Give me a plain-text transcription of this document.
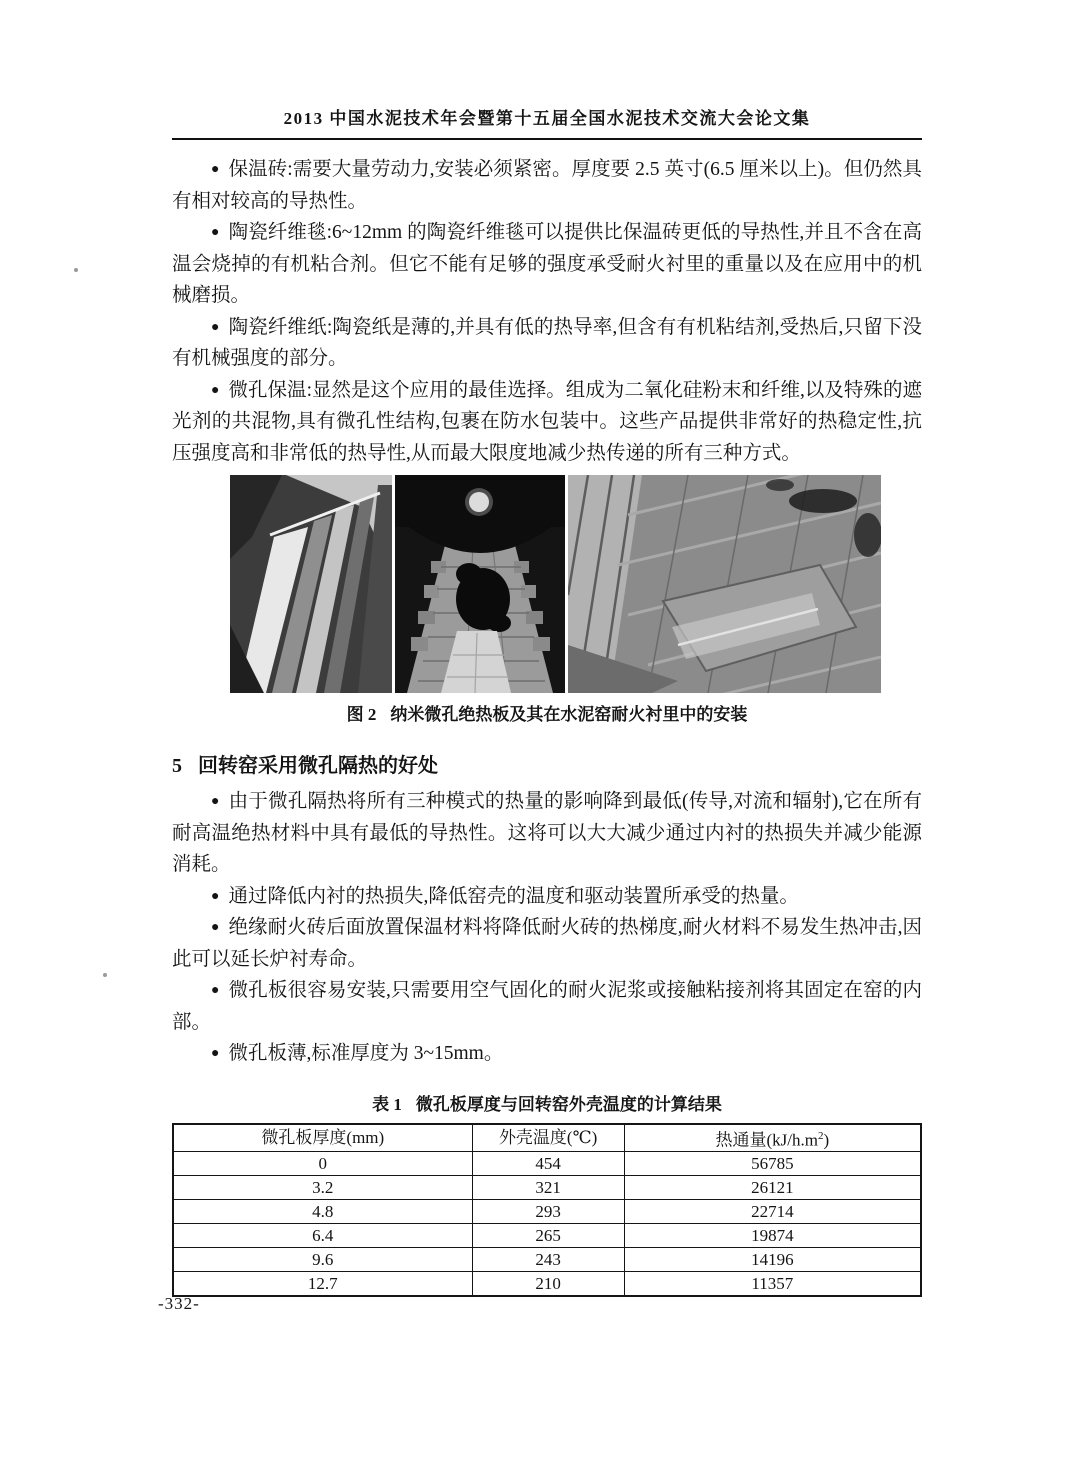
2013 中国水泥技术年会暨第十五届全国水泥技术交流大会论文集

● 保温砖:需要大量劳动力,安装必须紧密。厚度要 2.5 英寸(6.5 厘米以上)。但仍然具有相对较高的导热性。

● 陶瓷纤维毯:6~12mm 的陶瓷纤维毯可以提供比保温砖更低的导热性,并且不含在高温会烧掉的有机粘合剂。但它不能有足够的强度承受耐火衬里的重量以及在应用中的机械磨损。

● 陶瓷纤维纸:陶瓷纸是薄的,并具有低的热导率,但含有有机粘结剂,受热后,只留下没有机械强度的部分。

● 微孔保温:显然是这个应用的最佳选择。组成为二氧化硅粉末和纤维,以及特殊的遮光剂的共混物,具有微孔性结构,包裹在防水包装中。这些产品提供非常好的热稳定性,抗压强度高和非常低的热导性,从而最大限度地减少热传递的所有三种方式。

图 2 纳米微孔绝热板及其在水泥窑耐火衬里中的安装

5 回转窑采用微孔隔热的好处

● 由于微孔隔热将所有三种模式的热量的影响降到最低(传导,对流和辐射),它在所有耐高温绝热材料中具有最低的导热性。这将可以大大减少通过内衬的热损失并减少能源消耗。

● 通过降低内衬的热损失,降低窑壳的温度和驱动装置所承受的热量。

● 绝缘耐火砖后面放置保温材料将降低耐火砖的热梯度,耐火材料不易发生热冲击,因此可以延长炉衬寿命。

● 微孔板很容易安装,只需要用空气固化的耐火泥浆或接触粘接剂将其固定在窑的内部。

● 微孔板薄,标准厚度为 3~15mm。

表 1 微孔板厚度与回转窑外壳温度的计算结果
微孔板厚度(mm)	外壳温度(℃)	热通量$(kJ/h.m^2)$
0	454	56785
3.2	321	26121
4.8	293	22714
6.4	265	19874
9.6	243	14196
12.7	210	11357
-332-
